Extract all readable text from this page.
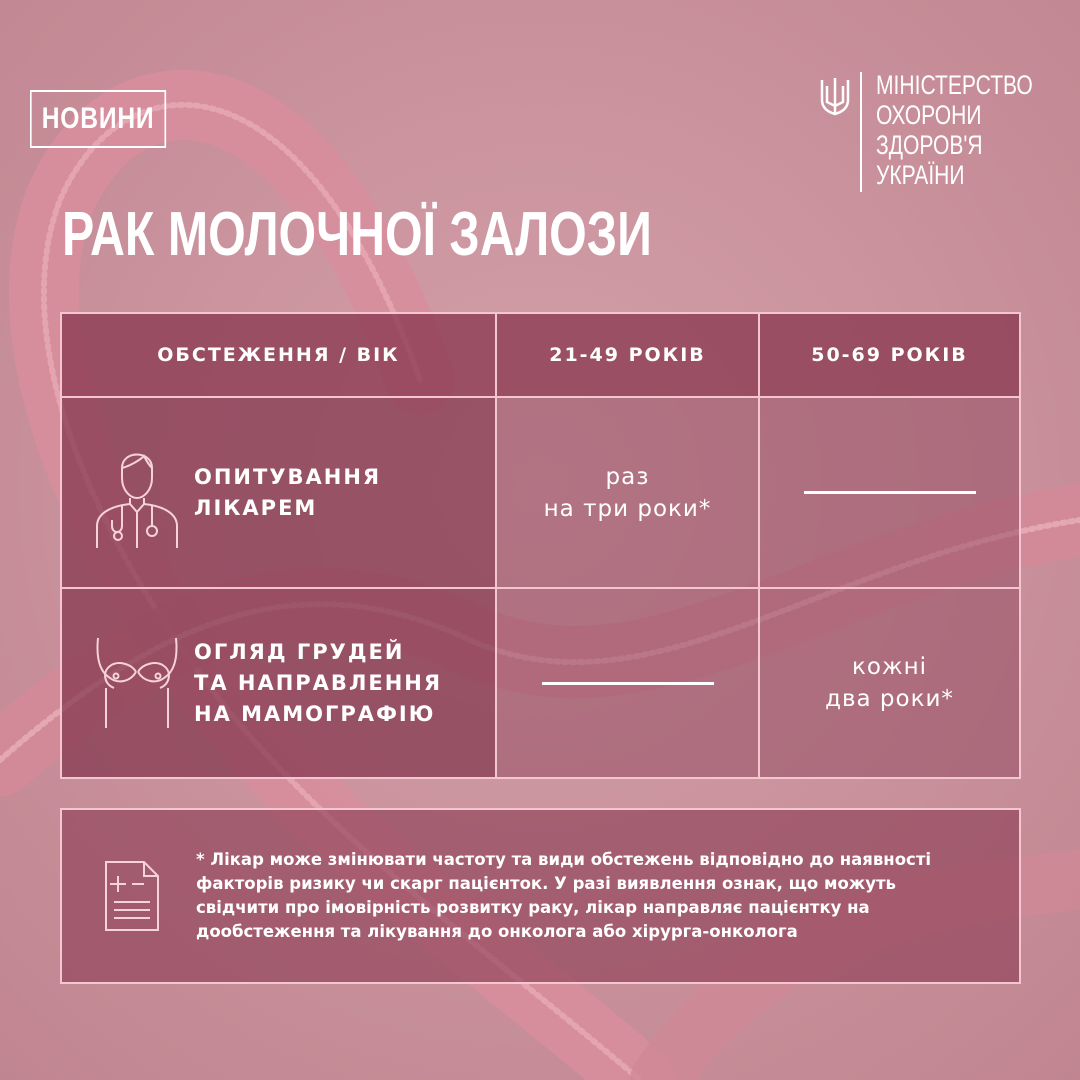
НОВИНИ
РАК МОЛОЧНОЇ ЗАЛОЗИ
МІНІСТЕРСТВО
ОХОРОНИ
ЗДОРОВ'Я
УКРАЇНИ
ОБСТЕЖЕННЯ / ВІК	21-49 РОКІВ	50-69 РОКІВ
ОПИТУВАННЯ
ЛІКАРЕМ
раз
на три роки*
ОГЛЯД ГРУДЕЙ
ТА НАПРАВЛЕННЯ
НА МАМОГРАФІЮ
кожні
два роки*
* Лікар може змінювати частоту та види обстежень відповідно до наявності
факторів ризику чи скарг пацієнток. У разі виявлення ознак, що можуть
свідчити про імовірність розвитку раку, лікар направляє пацієнтку на
дообстеження та лікування до онколога або хірурга-онколога
